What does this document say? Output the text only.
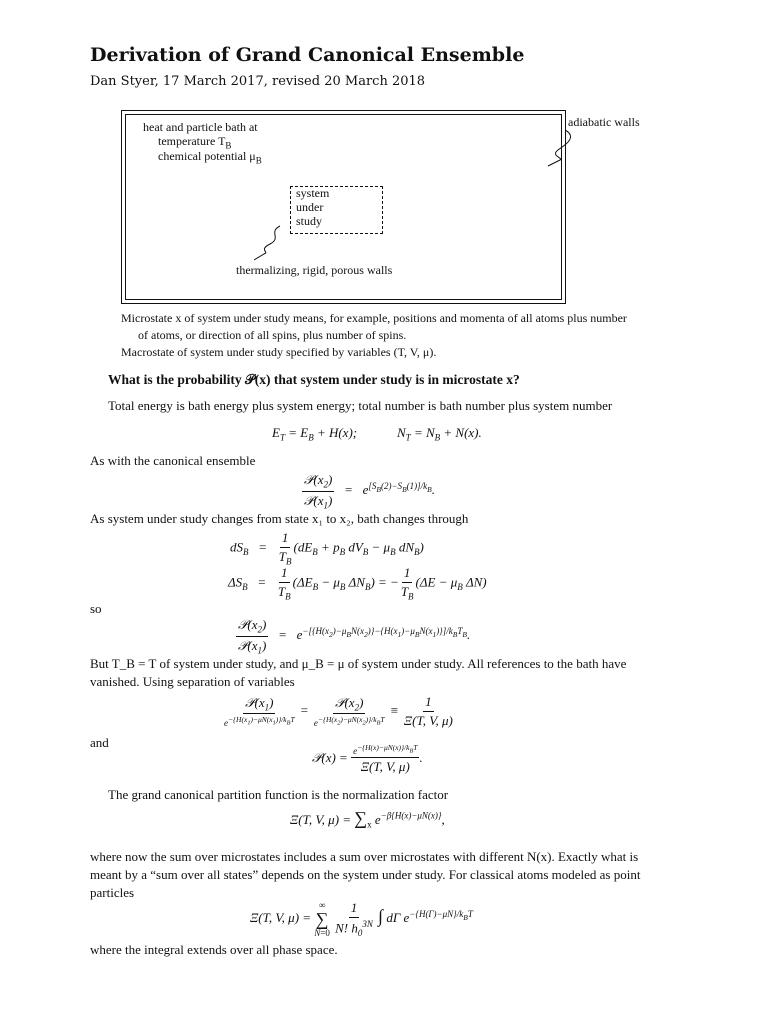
Derivation of Grand Canonical Ensemble
Dan Styer, 17 March 2017, revised 20 March 2018
heat and particle bath at
temperature $T_B$
chemical potential $\mu_B$
system
under
study
thermalizing, rigid, porous walls
adiabatic walls
Microstate x of system under study means, for example, positions and momenta of all atoms plus number
of atoms, or direction of all spins, plus number of spins.
Macrostate of system under study specified by variables (T, V, μ).
What is the probability 𝒫(x) that system under study is in microstate x?
Total energy is bath energy plus system energy; total number is bath number plus system number
$E_T = E_B + H(x)$;	$N_T = N_B + N(x)$.
As with the canonical ensemble
$\frac{𝒫(x_2)}{𝒫(x_1)} = e^{[S_B(2)-S_B(1)]/k_B}$.
As system under study changes from state x₁ to x₂, bath changes through
$dS_B = \frac{1}{T_B} (dE_B + p_B$ $dV_B - \mu_B$ $dN_B$)
$\Delta S_B = \frac{1}{T_B} (\Delta E_B - \mu_B$ $\Delta N_B$) = − $\frac{1}{T_B} (\Delta E - \mu_B$ ΔN)
so
$\frac{𝒫(x_2)}{𝒫(x_1)} = e^{-[\{H(x_2)-\mu_BN(x_2)\}-\{H(x_1)-\mu_BN(x_1)\}]/k_BT_B}$.
But T_B = T of system under study, and μ_B = μ of system under study. All references to the bath have
vanished. Using separation of variables
$\frac{𝒫(x_1)}{e^{-\{H(x_1)-\mu N(x_1)\}/k_BT}} = \frac{𝒫(x_2)}{e^{-\{H(x_2)-\mu N(x_2)\}/k_BT}} \equiv \frac{1}{\Xi(T, V, \mu)}$
and
𝒫(x) = $\frac{e^{-\{H(x)-\mu N(x)\}/k_BT}}{\Xi(T, V, \mu)}$ .
The grand canonical partition function is the normalization factor
Ξ(T, V, $\mu) = \sum_x$ $e^{-\beta\{H(x)-\mu N(x)\}}$,
where now the sum over microstates includes a sum over microstates with different N(x). Exactly what is
meant by a “sum over all states” depends on the system under study. For classical atoms modeled as point
particles
Ξ(T, V, μ) =
∞
∑
N=0
$\frac{1}{N! h_0^{3N}}$ ∫ dΓ $e^{-\{H(\Gamma)-\mu N\}/k_BT}$
where the integral extends over all phase space.
